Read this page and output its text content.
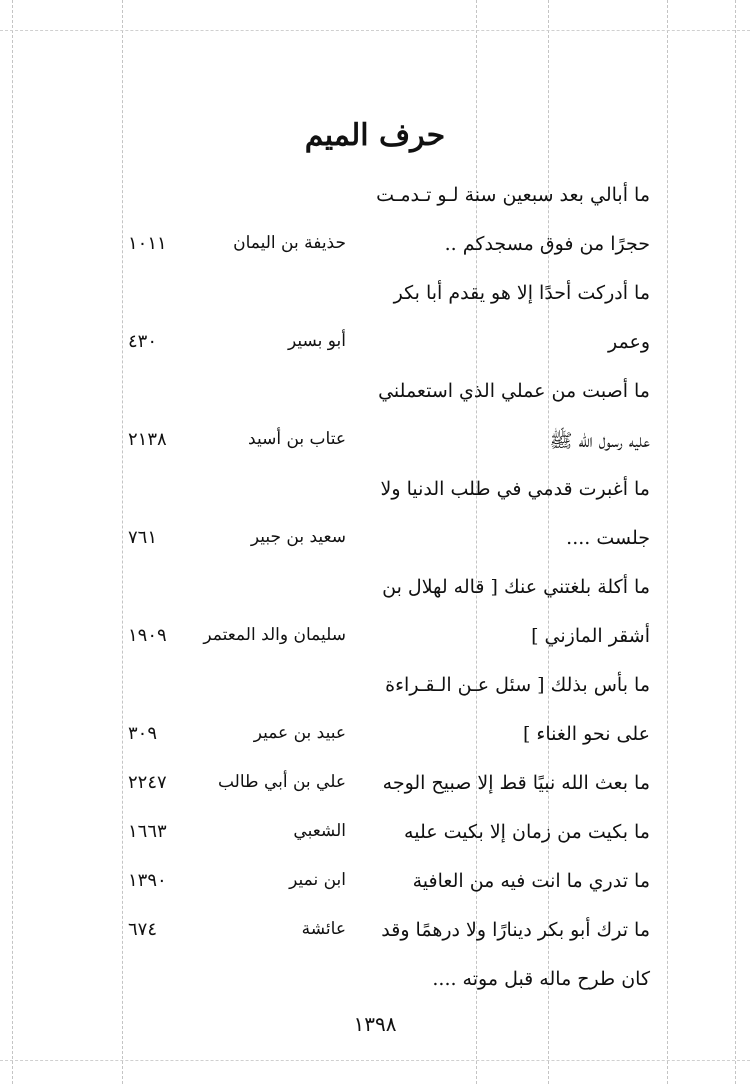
حرف الميم
ما أبالي بعد سبعين سنة لـو تـدمـت
حجرًا من فوق مسجدكم ..
حذيفة بن اليمان
١٠١١
ما أدركت أحدًا إلا هو يقدم أبا بكر
وعمر
أبو بسير
٤٣٠
ما أصبت من عملي الذي استعملني
عليه رسول الله ﷺ
عتاب بن أسيد
٢١٣٨
ما أغبرت قدمي في طلب الدنيا ولا
جلست ....
سعيد بن جبير
٧٦١
ما أكلة بلغتني عنك [ قاله لهلال بن
أشقر المازني ]
سليمان والد المعتمر
١٩٠٩
ما بأس بذلك [ سئل عـن الـقـراءة
على نحو الغناء ]
عبيد بن عمير
٣٠٩
ما بعث الله نبيًا قط إلا صبيح الوجه
علي بن أبي طالب
٢٢٤٧
ما بكيت من زمان إلا بكيت عليه
الشعبي
١٦٦٣
ما تدري ما انت فيه من العافية
ابن نمير
١٣٩٠
ما ترك أبو بكر دينارًا ولا درهمًا وقد
عائشة
٦٧٤
كان طرح ماله قبل موته ....
١٣٩٨
